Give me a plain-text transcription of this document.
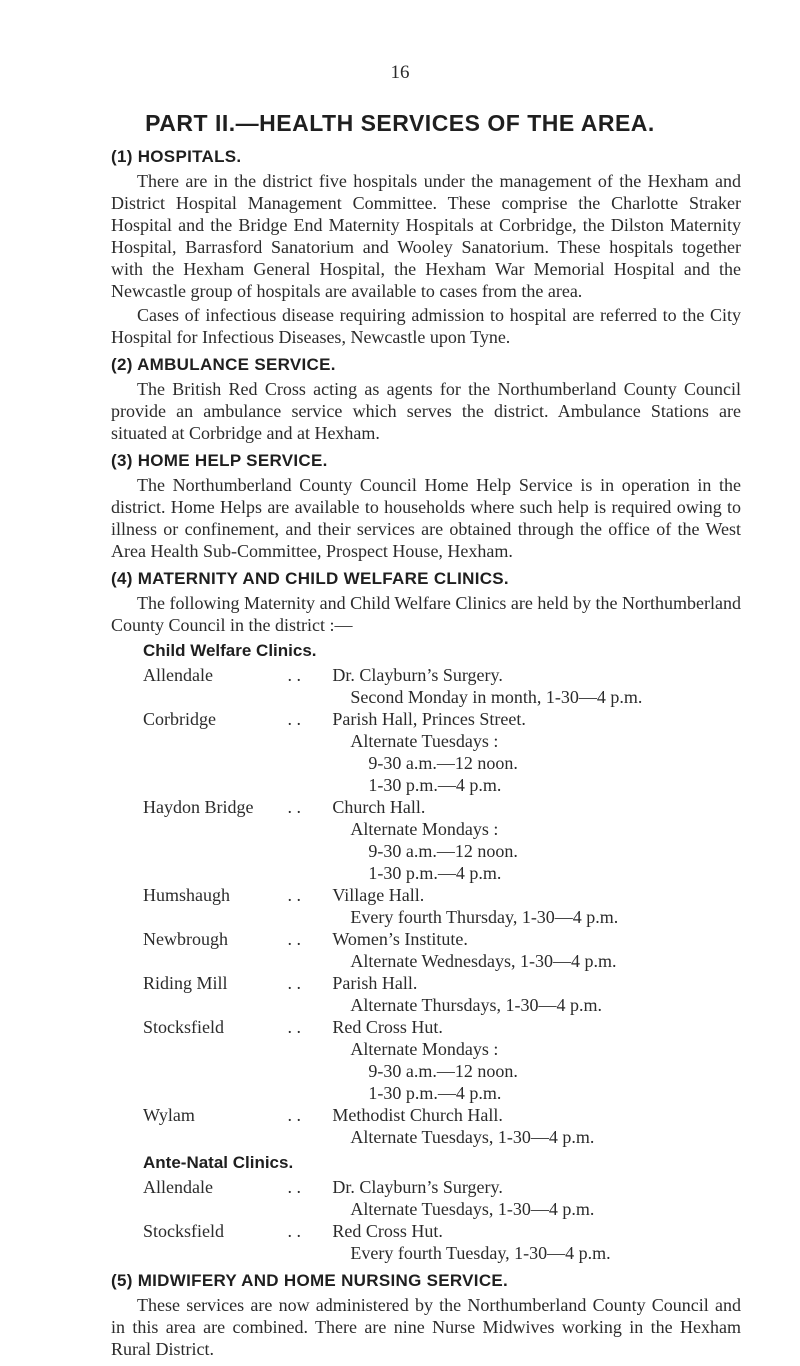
16
PART II.—HEALTH SERVICES OF THE AREA.
(1) HOSPITALS.

There are in the district five hospitals under the management of the Hexham and District Hospital Management Committee. These comprise the Charlotte Straker Hospital and the Bridge End Maternity Hospitals at Corbridge, the Dilston Maternity Hospital, Barrasford Sanatorium and Wooley Sanatorium. These hospitals together with the Hexham General Hospital, the Hexham War Memorial Hospital and the Newcastle group of hospitals are available to cases from the area.

Cases of infectious disease requiring admission to hospital are referred to the City Hospital for Infectious Diseases, Newcastle upon Tyne.

(2) AMBULANCE SERVICE.

The British Red Cross acting as agents for the Northumberland County Council provide an ambulance service which serves the district. Ambulance Stations are situated at Corbridge and at Hexham.

(3) HOME HELP SERVICE.

The Northumberland County Council Home Help Service is in operation in the district. Home Helps are available to households where such help is required owing to illness or confinement, and their services are obtained through the office of the West Area Health Sub-Committee, Prospect House, Hexham.

(4) MATERNITY AND CHILD WELFARE CLINICS.

The following Maternity and Child Welfare Clinics are held by the Northumberland County Council in the district :—

Child Welfare Clinics.
Allendale	. .	Dr. Clayburn’s Surgery.
Second Monday in month, 1-30—4 p.m.
Corbridge	. .	Parish Hall, Princes Street.
Alternate Tuesdays :
9-30 a.m.—12 noon.
1-30 p.m.—4 p.m.
Haydon Bridge	. .	Church Hall.
Alternate Mondays :
9-30 a.m.—12 noon.
1-30 p.m.—4 p.m.
Humshaugh	. .	Village Hall.
Every fourth Thursday, 1-30—4 p.m.
Newbrough	. .	Women’s Institute.
Alternate Wednesdays, 1-30—4 p.m.
Riding Mill	. .	Parish Hall.
Alternate Thursdays, 1-30—4 p.m.
Stocksfield	. .	Red Cross Hut.
Alternate Mondays :
9-30 a.m.—12 noon.
1-30 p.m.—4 p.m.
Wylam	. .	Methodist Church Hall.
Alternate Tuesdays, 1-30—4 p.m.
Ante-Natal Clinics.
Allendale	. .	Dr. Clayburn’s Surgery.
Alternate Tuesdays, 1-30—4 p.m.
Stocksfield	. .	Red Cross Hut.
Every fourth Tuesday, 1-30—4 p.m.
(5) MIDWIFERY AND HOME NURSING SERVICE.

These services are now administered by the Northumberland County Council and in this area are combined. There are nine Nurse Midwives working in the Hexham Rural District.
